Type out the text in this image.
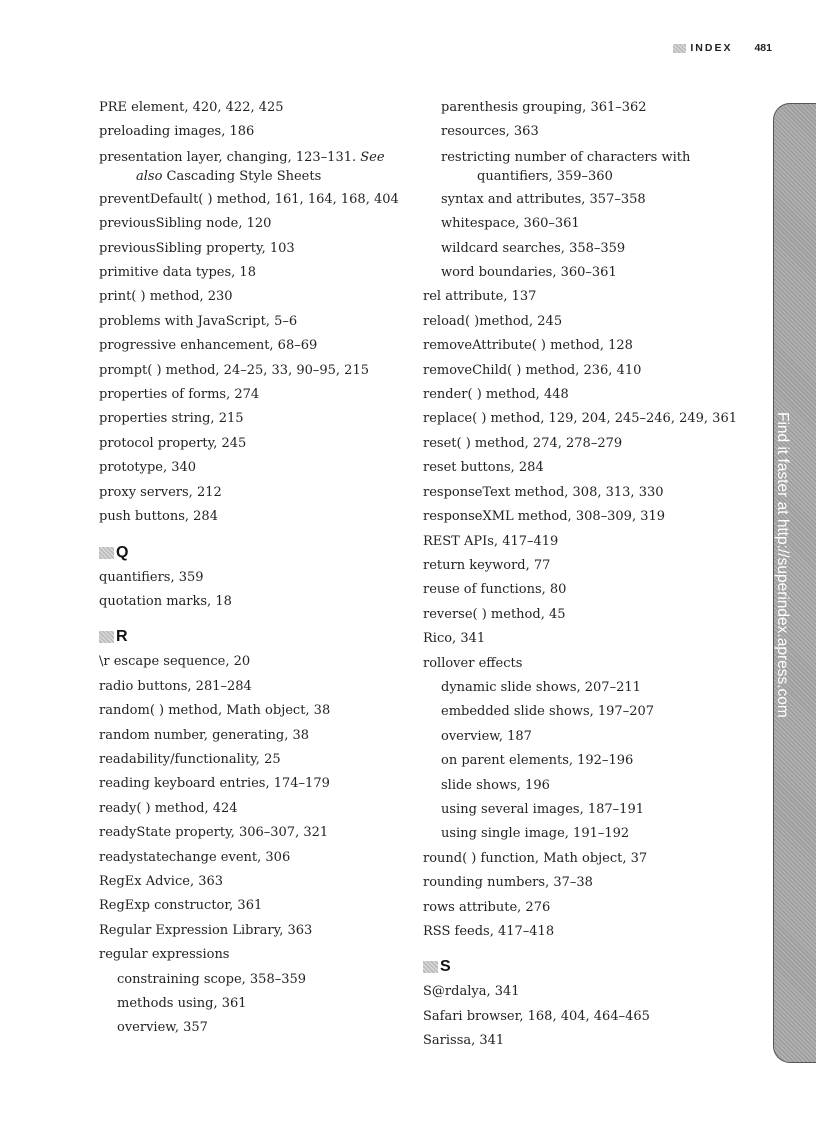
INDEX 481
PRE element, 420, 422, 425
preloading images, 186
presentation layer, changing, 123–131. See
also Cascading Style Sheets
preventDefault( ) method, 161, 164, 168, 404
previousSibling node, 120
previousSibling property, 103
primitive data types, 18
print( ) method, 230
problems with JavaScript, 5–6
progressive enhancement, 68–69
prompt( ) method, 24–25, 33, 90–95, 215
properties of forms, 274
properties string, 215
protocol property, 245
prototype, 340
proxy servers, 212
push buttons, 284
Q
quantifiers, 359
quotation marks, 18
R
\r escape sequence, 20
radio buttons, 281–284
random( ) method, Math object, 38
random number, generating, 38
readability/functionality, 25
reading keyboard entries, 174–179
ready( ) method, 424
readyState property, 306–307, 321
readystatechange event, 306
RegEx Advice, 363
RegExp constructor, 361
Regular Expression Library, 363
regular expressions
constraining scope, 358–359
methods using, 361
overview, 357
parenthesis grouping, 361–362
resources, 363
restricting number of characters with
quantifiers, 359–360
syntax and attributes, 357–358
whitespace, 360–361
wildcard searches, 358–359
word boundaries, 360–361
rel attribute, 137
reload( )method, 245
removeAttribute( ) method, 128
removeChild( ) method, 236, 410
render( ) method, 448
replace( ) method, 129, 204, 245–246, 249, 361
reset( ) method, 274, 278–279
reset buttons, 284
responseText method, 308, 313, 330
responseXML method, 308–309, 319
REST APIs, 417–419
return keyword, 77
reuse of functions, 80
reverse( ) method, 45
Rico, 341
rollover effects
dynamic slide shows, 207–211
embedded slide shows, 197–207
overview, 187
on parent elements, 192–196
slide shows, 196
using several images, 187–191
using single image, 191–192
round( ) function, Math object, 37
rounding numbers, 37–38
rows attribute, 276
RSS feeds, 417–418
S
S@rdalya, 341
Safari browser, 168, 404, 464–465
Sarissa, 341
Find it faster at http://superindex.apress.com
